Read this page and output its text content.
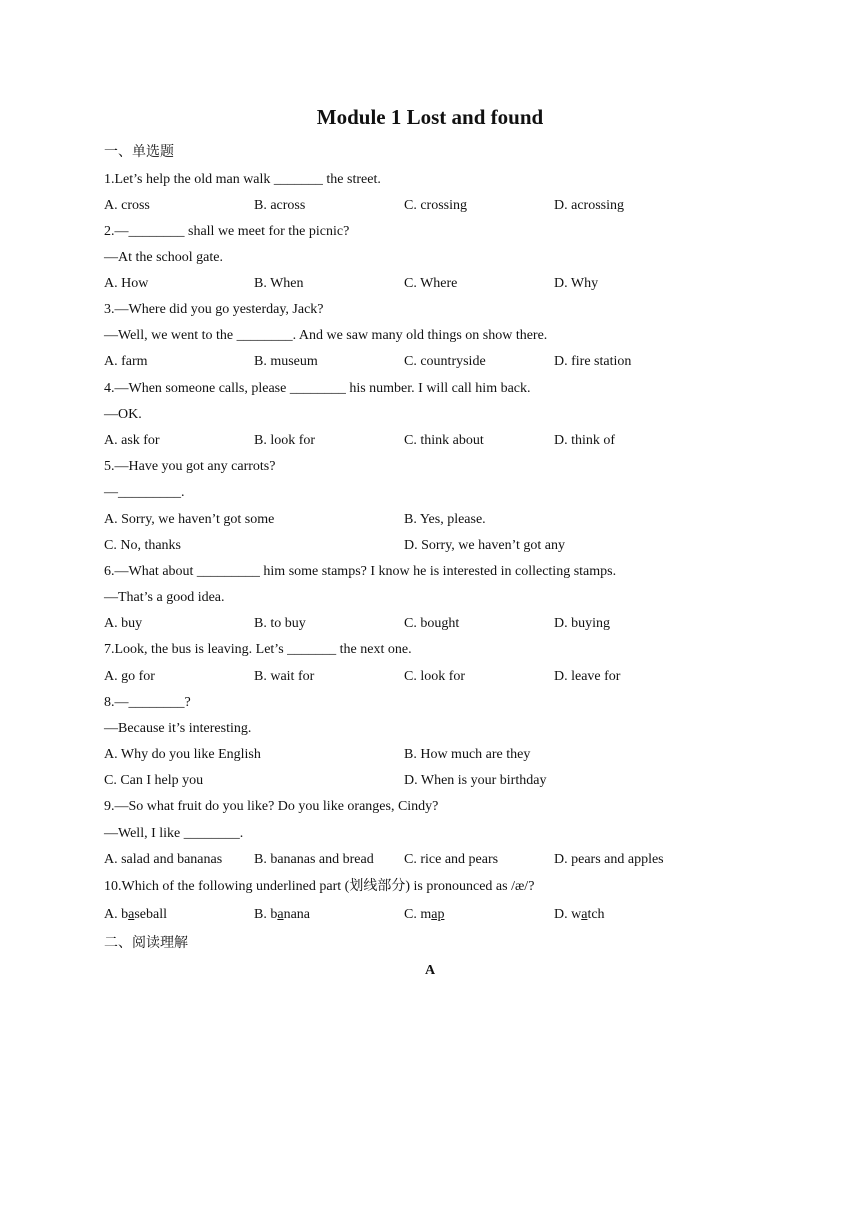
Module 1 Lost and found
一、单选题
1.Let’s help the old man walk _______ the street.
A. cross	B. across	C. crossing	D. acrossing
2.—________ shall we meet for the picnic?
—At the school gate.
A. How	B. When	C. Where	D. Why
3.—Where did you go yesterday, Jack?
—Well, we went to the ________. And we saw many old things on show there.
A. farm	B. museum	C. countryside	D. fire station
4.—When someone calls, please ________ his number. I will call him back.
—OK.
A. ask for	B. look for	C. think about	D. think of
5.—Have you got any carrots?
—_________.
A. Sorry, we haven’t got some	B. Yes, please.
C. No, thanks	D. Sorry, we haven’t got any
6.—What about _________ him some stamps? I know he is interested in collecting stamps.
—That’s a good idea.
A. buy	B. to buy	C. bought	D. buying
7.Look, the bus is leaving. Let’s _______ the next one.
A. go for	B. wait for	C. look for	D. leave for
8.—________?
—Because it’s interesting.
A. Why do you like English	B. How much are they
C. Can I help you	D. When is your birthday
9.—So what fruit do you like? Do you like oranges, Cindy?
—Well, I like ________.
A. salad and bananas B. bananas and bread C. rice and pears	D. pears and apples
10.Which of the following underlined part (划线部分) is pronounced as /æ/?
A. baseball	B. banana	C. map	D. watch
二、阅读理解
A
